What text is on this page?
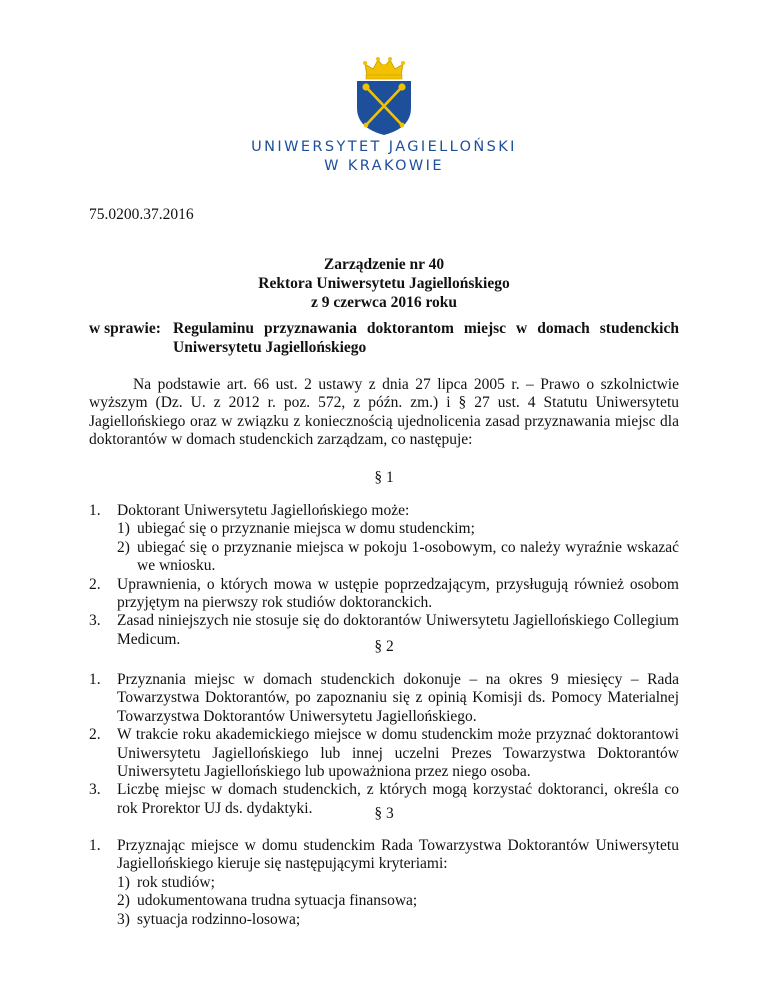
UNIWERSYTET JAGIELLOŃSKI
W KRAKOWIE
75.0200.37.2016
Zarządzenie nr 40
Rektora Uniwersytetu Jagiellońskiego
z 9 czerwca 2016 roku
w sprawie: Regulaminu przyznawania doktorantom miejsc w domach studenckich
Uniwersytetu Jagiellońskiego

Na podstawie art. 66 ust. 2 ustawy z dnia 27 lipca 2005 r. – Prawo o szkolnictwie wyższym (Dz. U. z 2012 r. poz. 572, z późn. zm.) i § 27 ust. 4 Statutu Uniwersytetu Jagiellońskiego oraz w związku z koniecznością ujednolicenia zasad przyznawania miejsc dla doktorantów w domach studenckich zarządzam, co następuje:

§ 1
1. Doktorant Uniwersytetu Jagiellońskiego może:
1) ubiegać się o przyznanie miejsca w domu studenckim;
2) ubiegać się o przyznanie miejsca w pokoju 1-osobowym, co należy wyraźnie wskazać we wniosku.
2. Uprawnienia, o których mowa w ustępie poprzedzającym, przysługują również osobom przyjętym na pierwszy rok studiów doktoranckich.
3. Zasad niniejszych nie stosuje się do doktorantów Uniwersytetu Jagiellońskiego Collegium Medicum.	§ 2
1. Przyznania miejsc w domach studenckich dokonuje – na okres 9 miesięcy – Rada Towarzystwa Doktorantów, po zapoznaniu się z opinią Komisji ds. Pomocy Materialnej Towarzystwa Doktorantów Uniwersytetu Jagiellońskiego.
2. W trakcie roku akademickiego miejsce w domu studenckim może przyznać doktorantowi Uniwersytetu Jagiellońskiego lub innej uczelni Prezes Towarzystwa Doktorantów Uniwersytetu Jagiellońskiego lub upoważniona przez niego osoba.
3. Liczbę miejsc w domach studenckich, z których mogą korzystać doktoranci, określa co rok Prorektor UJ ds. dydaktyki.	§ 3
1. Przyznając miejsce w domu studenckim Rada Towarzystwa Doktorantów Uniwersytetu Jagiellońskiego kieruje się następującymi kryteriami:
1) rok studiów;
2) udokumentowana trudna sytuacja finansowa;
3) sytuacja rodzinno-losowa;
